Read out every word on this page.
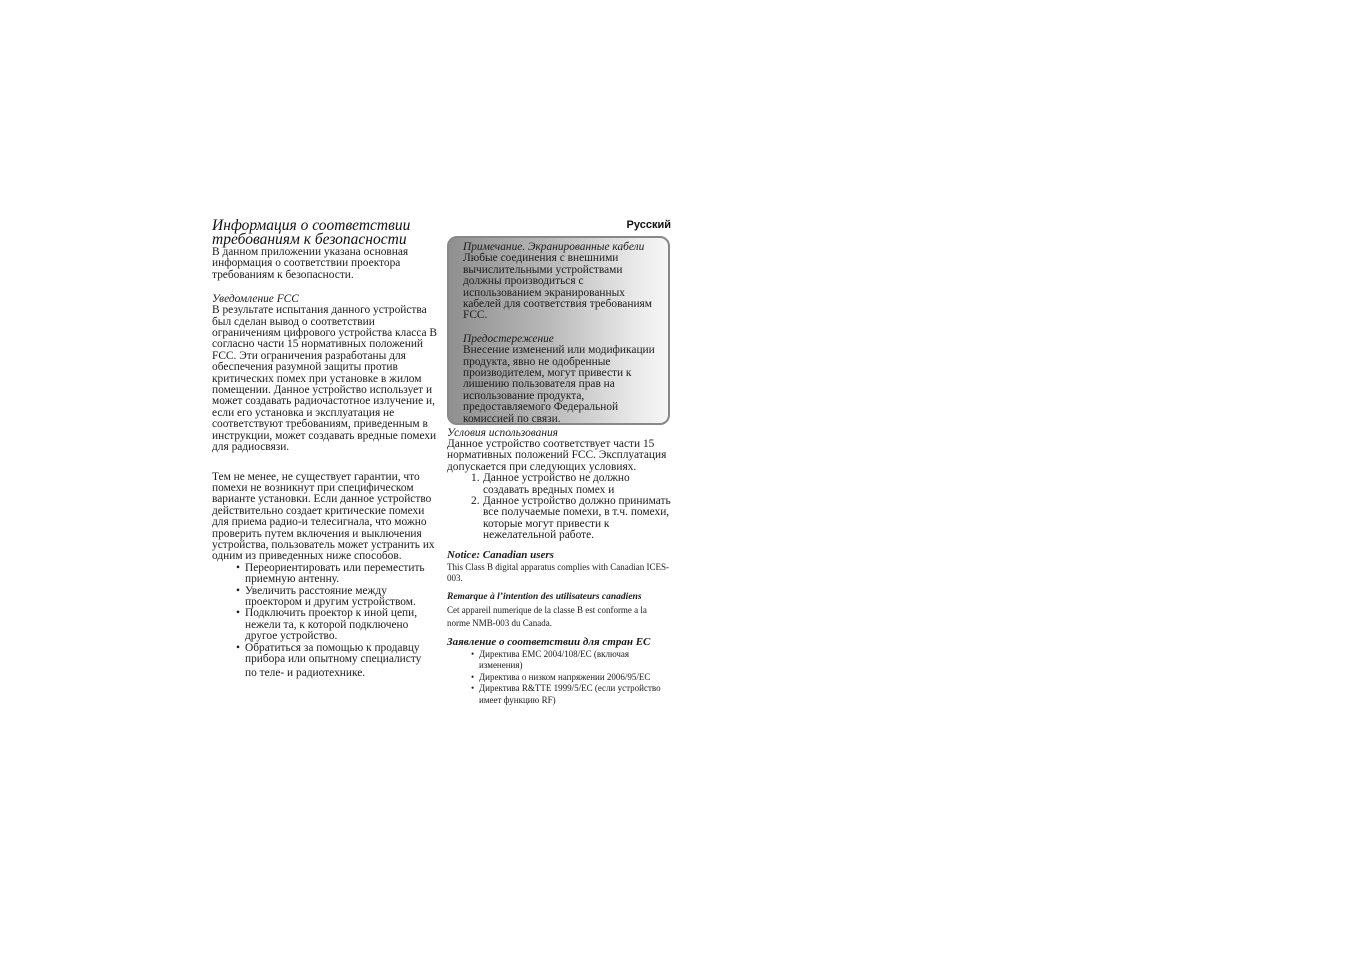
Информация о соответствии
требованиям к безопасности

В данном приложении указана основная информация о соответствии проектора требованиям к безопасности.

Уведомление FCC

В результате испытания данного устройства был сделан вывод о соответствии ограничениям цифрового устройства класса B согласно части 15 нормативных положений FCC. Эти ограничения разработаны для обеспечения разумной защиты против критических помех при установке в жилом помещении. Данное устройство использует и может создавать радиочастотное излучение и, если его установка и эксплуатация не соответствуют требованиям, приведенным в инструкции, может создавать вредные помехи для радиосвязи.

Тем не менее, не существует гарантии, что помехи не возникнут при специфическом варианте установки. Если данное устройство действительно создает критические помехи для приема радио-и телесигнала, что можно проверить путем включения и выключения устройства, пользователь может устранить их одним из приведенных ниже способов.

• Переориентировать или переместить приемную антенну.
• Увеличить расстояние между проектором и другим устройством.
• Подключить проектор к иной цепи, нежели та, к которой подключено другое устройство.
• Обратиться за помощью к продавцу прибора или опытному специалисту
по теле- и радиотехнике.
Русский

Примечание. Экранированные кабели

Любые соединения с внешними вычислительными устройствами должны производиться с использованием экранированных кабелей для соответствия требованиям FCC.

Предостережение

Внесение изменений или модификации продукта, явно не одобренные производителем, могут привести к лишению пользователя прав на использование продукта, предоставляемого Федеральной комиссией по связи.

Условия использования

Данное устройство соответствует части 15 нормативных положений FCC. Эксплуатация допускается при следующих условиях.

1. Данное устройство не должно создавать вредных помех и
2. Данное устройство должно принимать все получаемые помехи, в т.ч. помехи, которые могут привести к нежелательной работе.

Notice: Canadian users

This Class B digital apparatus complies with Canadian ICES-003.

Remarque à l’intention des utilisateurs canadiens

Cet appareil numerique de la classe B est conforme a la norme NMB-003 du Canada.

Заявление о соответствии для стран ЕС

• Директива EMC 2004/108/EC (включая изменения)
• Директива о низком напряжении 2006/95/EC
• Директива R&TTE 1999/5/EC (если устройство имеет функцию RF)
